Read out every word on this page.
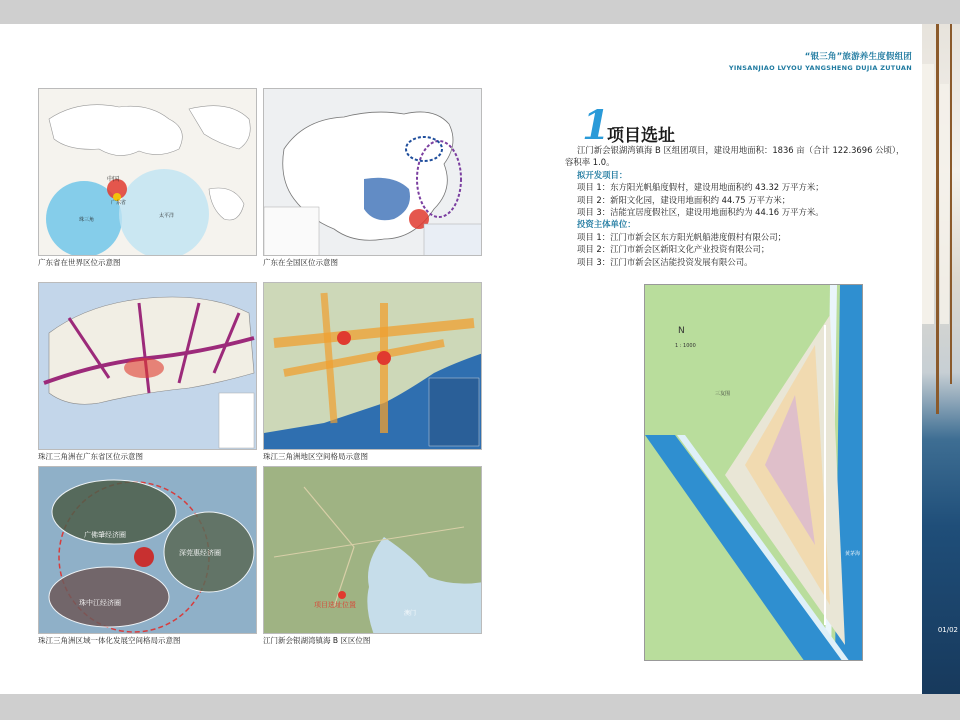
“银三角”旅游养生度假组团
YINSANJIAO LVYOU YANGSHENG DUJIA ZUTUAN
01/02
中国
广东省
珠三角
太平洋
广东省在世界区位示意图	广东在全国区位示意图
珠江三角洲在广东省区位示意图	珠江三角洲地区空间格局示意图
广佛肇经济圈
深莞惠经济圈
珠中江经济圈
珠江三角洲区域一体化发展空间格局示意图
项目选址位置
澳门
江门新会银湖湾镇海 B 区区位图
1
项目选址

江门新会银湖湾镇海 B 区组团项目，建设用地面积：1836 亩（合计 122.3696 公顷），

容积率 1.0。

拟开发项目：

项目 1：东方阳光帆船度假村，建设用地面积约 43.32 万平方米；

项目 2：新阳文化园，建设用地面积约 44.75 万平方米；

项目 3：洁能宜居度假社区，建设用地面积约为 44.16 万平方米。

投资主体单位：

项目 1：江门市新会区东方阳光帆船港度假村有限公司；

项目 2：江门市新会区新阳文化产业投资有限公司；

项目 3：江门市新会区洁能投资发展有限公司。

N
1 : 1000
三友围
黄茅海
